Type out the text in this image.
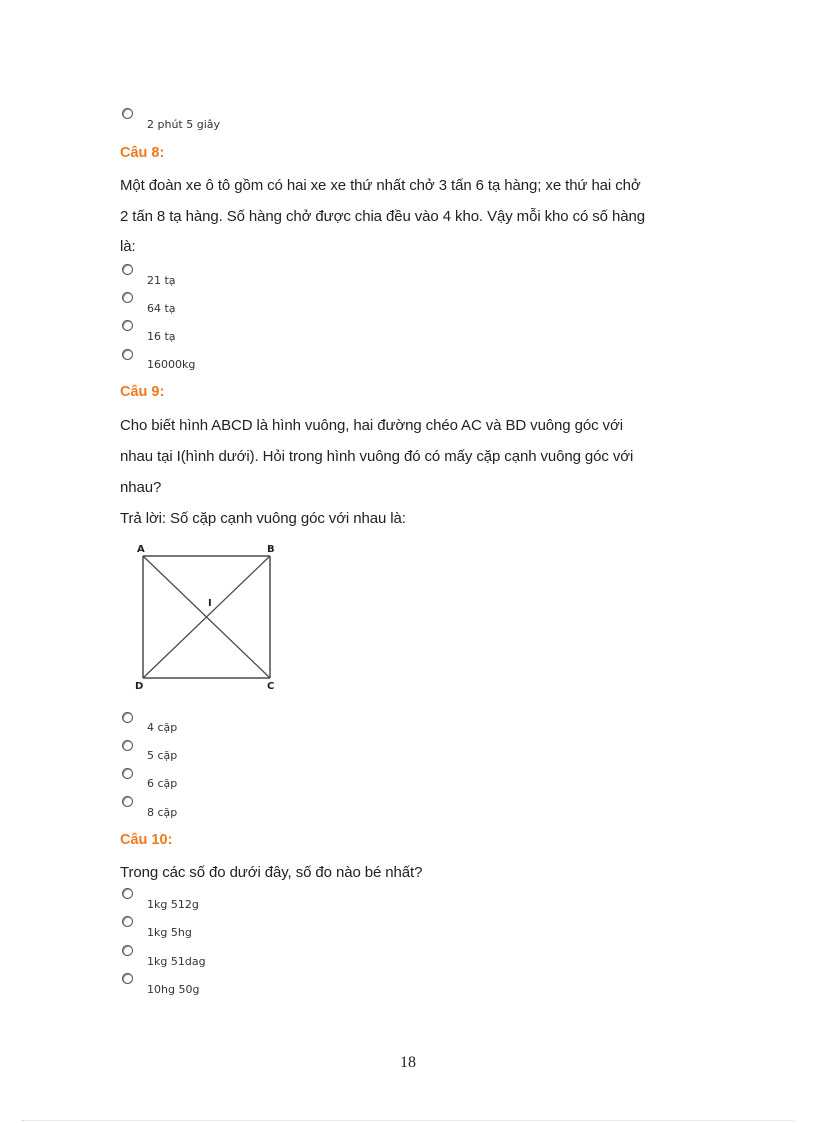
2 phút 5 giây
Câu 8:
Một đoàn xe ô tô gồm có hai xe xe thứ nhất chở 3 tấn 6 tạ hàng; xe thứ hai chở
2 tấn 8 tạ hàng. Số hàng chở được chia đều vào 4 kho. Vậy mỗi kho có số hàng
là:
21 tạ
64 tạ
16 tạ
16000kg
Câu 9:
Cho biết hình ABCD là hình vuông, hai đường chéo AC và BD vuông góc với
nhau tại I(hình dưới). Hỏi trong hình vuông đó có mấy cặp cạnh vuông góc với
nhau?
Trả lời: Số cặp cạnh vuông góc với nhau là:
A	B
C
D
I
4 cặp
5 cặp
6 cặp
8 cặp
Câu 10:
Trong các số đo dưới đây, số đo nào bé nhất?
1kg 512g
1kg 5hg
1kg 51dag
10hg 50g
18
